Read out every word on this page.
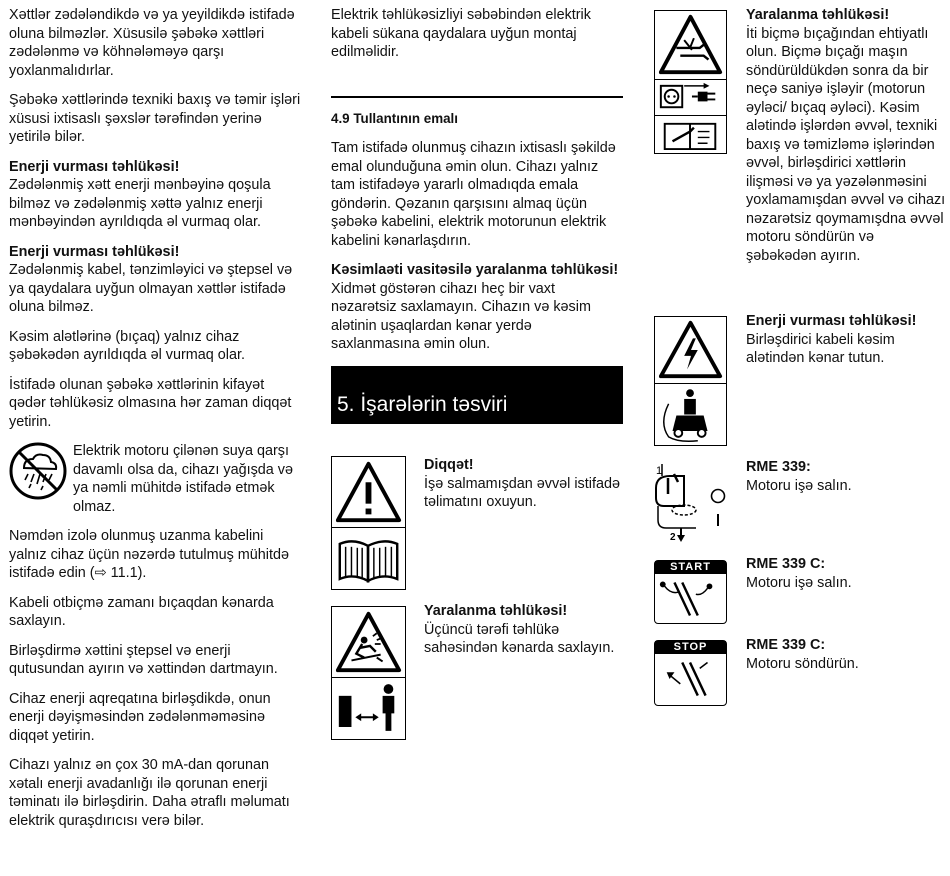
Xəttlər zədələndikdə və ya yeyildikdə istifadə oluna bilməzlər. Xüsusilə şəbəkə xəttləri zədələnmə və köhnələməyə qarşı yoxlanmalıdırlar.

Şəbəkə xəttlərində texniki baxış və təmir işləri xüsusi ixtisaslı şəxslər tərəfindən yerinə yetirilə bilər.

Enerji vurması təhlükəsi!
Zədələnmiş xətt enerji mənbəyinə qoşula bilməz və zədələnmiş xəttə yalnız enerji mənbəyindən ayrıldıqda əl vurmaq olar.

Enerji vurması təhlükəsi!
Zədələnmiş kabel, tənzimləyici və ştepsel və ya qaydalara uyğun olmayan xəttlər istifadə oluna bilməz.

Kəsim alətlərinə (bıçaq) yalnız cihaz şəbəkədən ayrıldıqda əl vurmaq olar.

İstifadə olunan şəbəkə xəttlərinin kifayət qədər təhlükəsiz olmasına hər zaman diqqət yetirin.

Elektrik motoru çilənən suya qarşı davamlı olsa da, cihazı yağışda və ya nəmli mühitdə istifadə etmək olmaz.

Nəmdən izolə olunmuş uzanma kabelini yalnız cihaz üçün nəzərdə tutulmuş mühitdə istifadə edin (⇨ 11.1).

Kabeli otbiçmə zamanı bıçaqdan kənarda saxlayın.

Birləşdirmə xəttini ştepsel və enerji qutusundan ayırın və xəttindən dartmayın.

Cihaz enerji aqreqatına birləşdikdə, onun enerji dəyişməsindən zədələnməməsinə diqqət yetirin.

Cihazı yalnız ən çox 30 mA-dan qorunan xətalı enerji avadanlığı ilə qorunan enerji təminatı ilə birləşdirin. Daha ətraflı məlumatı elektrik quraşdırıcısı verə bilər.

Elektrik təhlükəsizliyi səbəbindən elektrik kabeli sükana qaydalara uyğun montaj edilməlidir.

4.9 Tullantının emalı

Tam istifadə olunmuş cihazın ixtisaslı şəkildə emal olunduğuna əmin olun. Cihazı yalnız tam istifadəyə yararlı olmadıqda emala göndərin. Qəzanın qarşısını almaq üçün şəbəkə kabelini, elektrik motorunun elektrik kabelini kənarlaşdırın.

Kəsimlaəti vasitəsilə yaralanma təhlükəsi!
Xidmət göstərən cihazı heç bir vaxt nəzarətsiz saxlamayın. Cihazın və kəsim alətinin uşaqlardan kənar yerdə saxlanmasına əmin olun.

5. İşarələrin təsviri
Diqqət!
İşə salmamışdan əvvəl istifadə təlimatını oxuyun.
Yaralanma təhlükəsi!
Üçüncü tərəfi təhlükə sahəsindən kənarda saxlayın.
Yaralanma təhlükəsi!
İti biçmə bıçağından ehtiyatlı olun. Biçmə bıçağı maşın söndürüldükdən sonra da bir neçə saniyə işləyir (motorun əyləci/ bıçaq əyləci). Kəsim alətində işlərdən əvvəl, texniki baxış və təmizləmə işlərindən əvvəl, birləşdirici xəttlərin ilişməsi və ya yəzələnməsini yoxlamamışdan əvvəl və cihazı nəzarətsiz qoymamışdna əvvəl motoru söndürün və şəbəkədən ayırın.
Enerji vurması təhlükəsi!
Birləşdirici kabeli kəsim alətindən kənar tutun.
1
2
RME 339:
Motoru işə salın.
START	RME 339 C:
Motoru işə salın.
STOP	RME 339 C:
Motoru söndürün.
